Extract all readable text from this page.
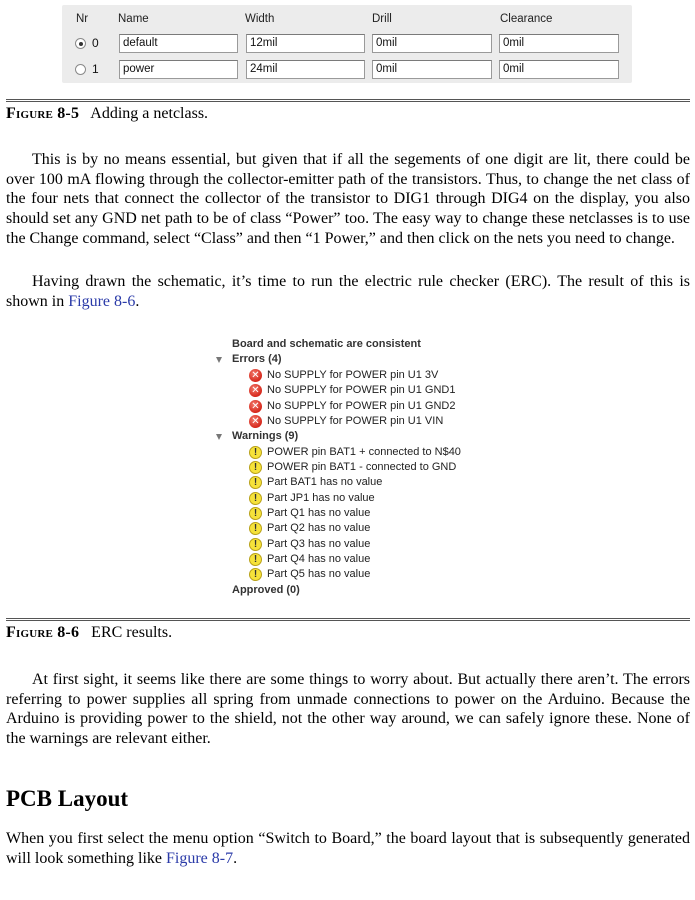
Nr	Name	Width	Drill	Clearance
0	default	12mil	0mil	0mil
1	power	24mil	0mil	0mil
Figure 8-5 Adding a netclass.

This is by no means essential, but given that if all the segements of one digit are lit, there could be over 100 mA flowing through the collector-emitter path of the transistors. Thus, to change the net class of the four nets that connect the collector of the transistor to DIG1 through DIG4 on the display, you also should set any GND net path to be of class “Power” too. The easy way to change these netclasses is to use the Change command, select “Class” and then “1 Power,” and then click on the nets you need to change.

Having drawn the schematic, it’s time to run the electric rule checker (ERC). The result of this is shown in Figure 8-6.

Board and schematic are consistent
Errors (4)
✕ No SUPPLY for POWER pin U1 3V
✕ No SUPPLY for POWER pin U1 GND1
✕ No SUPPLY for POWER pin U1 GND2
✕ No SUPPLY for POWER pin U1 VIN
Warnings (9)
! POWER pin BAT1 + connected to N$40
! POWER pin BAT1 - connected to GND
! Part BAT1 has no value
! Part JP1 has no value
! Part Q1 has no value
! Part Q2 has no value
! Part Q3 has no value
! Part Q4 has no value
! Part Q5 has no value
Approved (0)
Figure 8-6 ERC results.

At first sight, it seems like there are some things to worry about. But actually there aren’t. The errors referring to power supplies all spring from unmade connections to power on the Arduino. Because the Arduino is providing power to the shield, not the other way around, we can safely ignore these. None of the warnings are relevant either.

PCB Layout

When you first select the menu option “Switch to Board,” the board layout that is subsequently generated will look something like Figure 8-7.
